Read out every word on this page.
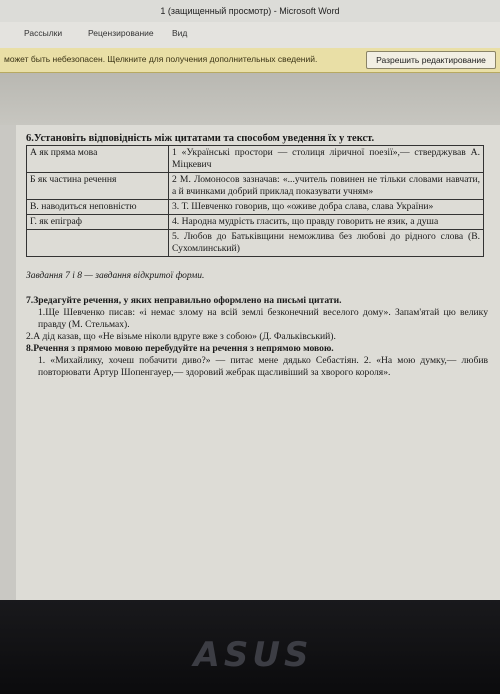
1 (защищенный просмотр) - Microsoft Word
Рассылки	Рецензирование Вид
может быть небезопасен. Щелкните для получения дополнительных сведений.	Разрешить редактирование

6.Установіть відповідність між цитатами та способом уведення їх у текст.

А як пряма мова	1 «Українські простори — столиця ліричної поезії»,— стверджував А. Міцкевич
Б як частина речення	2 М. Ломоносов зазначав: «...учитель повинен не тільки словами навчати, а й вчинками добрий приклад показувати учням»
В. наводиться неповністю	3. Т. Шевченко говорив, що «оживе добра слава, слава України»
Г. як епіграф	4. Народна мудрість гласить, що правду говорить не язик, а душа
	5. Любов до Батьківщини неможлива без любові до рідного слова (В. Сухомлинський)

Завдання 7 і 8 — завдання відкритої форми.

7.Зредагуйте речення, у яких неправильно оформлено на письмі цитати.

1.Ще Шевченко писав: «і немає злому на всій землі безконечний веселого дому». Запам'ятай цю велику правду (М. Стельмах).

2.А дід казав, що «Не візьме ніколи вдруге вже з собою» (Д. Фальківський).

8.Речення з прямою мовою перебудуйте на речення з непрямою мовою.

1. «Михайлику, хочеш побачити диво?» — питає мене дядько Себастіян. 2. «На мою думку,— любив повторювати Артур Шопенгауер,— здоровий жебрак щасливіший за хворого короля».

ASUS
